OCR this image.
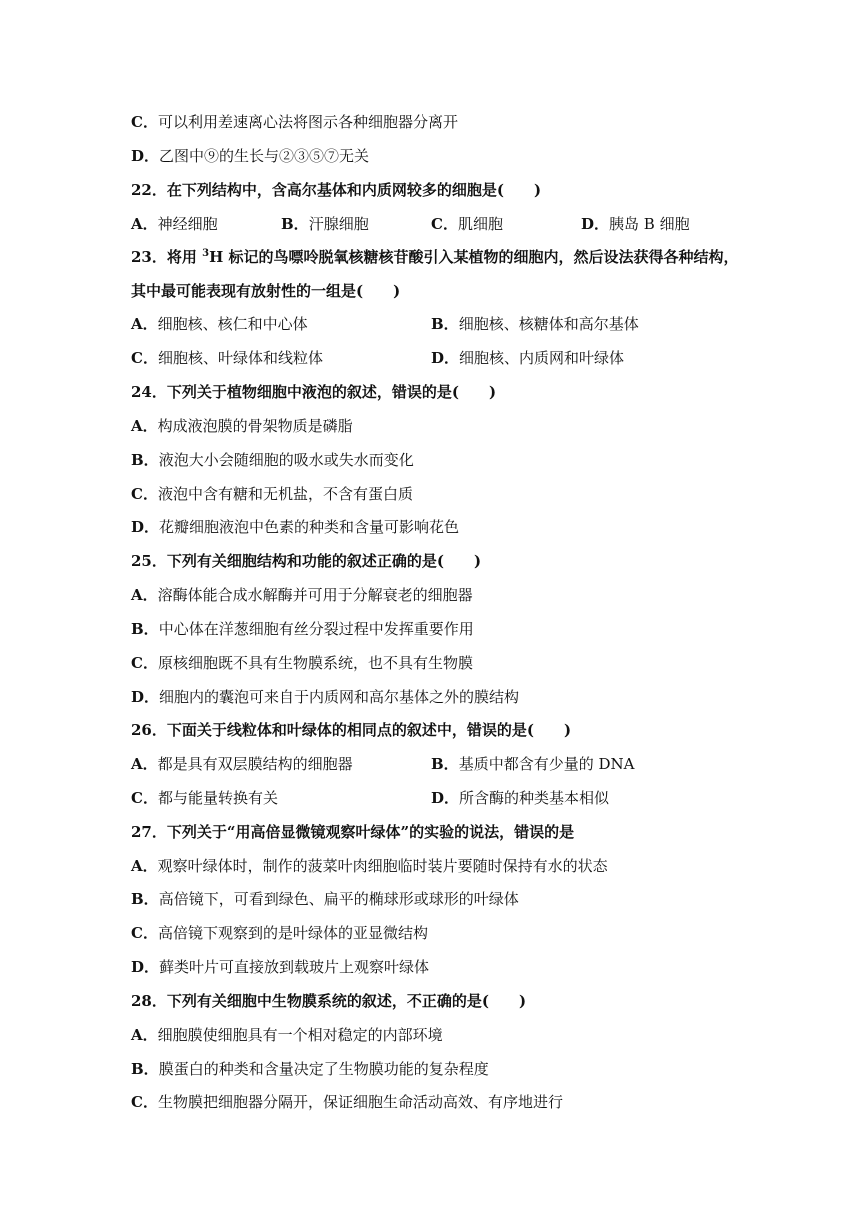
C．可以利用差速离心法将图示各种细胞器分离开
D．乙图中⑨的生长与②③⑤⑦无关
22．在下列结构中，含高尔基体和内质网较多的细胞是(　　)
A．神经细胞	B．汗腺细胞	C．肌细胞	D．胰岛 B 细胞
23．将用 $^3$H 标记的鸟嘌呤脱氧核糖核苷酸引入某植物的细胞内，然后设法获得各种结构，
其中最可能表现有放射性的一组是(　　)
A．细胞核、核仁和中心体	B．细胞核、核糖体和高尔基体
C．细胞核、叶绿体和线粒体	D．细胞核、内质网和叶绿体
24．下列关于植物细胞中液泡的叙述，错误的是(　　)
A．构成液泡膜的骨架物质是磷脂
B．液泡大小会随细胞的吸水或失水而变化
C．液泡中含有糖和无机盐，不含有蛋白质
D．花瓣细胞液泡中色素的种类和含量可影响花色
25．下列有关细胞结构和功能的叙述正确的是(　　)
A．溶酶体能合成水解酶并可用于分解衰老的细胞器
B．中心体在洋葱细胞有丝分裂过程中发挥重要作用
C．原核细胞既不具有生物膜系统，也不具有生物膜
D．细胞内的囊泡可来自于内质网和高尔基体之外的膜结构
26．下面关于线粒体和叶绿体的相同点的叙述中，错误的是(　　)
A．都是具有双层膜结构的细胞器	B．基质中都含有少量的 DNA
C．都与能量转换有关	D．所含酶的种类基本相似
27．下列关于“用高倍显微镜观察叶绿体”的实验的说法，错误的是
A．观察叶绿体时，制作的菠菜叶肉细胞临时装片要随时保持有水的状态
B．高倍镜下，可看到绿色、扁平的椭球形或球形的叶绿体
C．高倍镜下观察到的是叶绿体的亚显微结构
D．藓类叶片可直接放到载玻片上观察叶绿体
28．下列有关细胞中生物膜系统的叙述，不正确的是(　　)
A．细胞膜使细胞具有一个相对稳定的内部环境
B．膜蛋白的种类和含量决定了生物膜功能的复杂程度
C．生物膜把细胞器分隔开，保证细胞生命活动高效、有序地进行
